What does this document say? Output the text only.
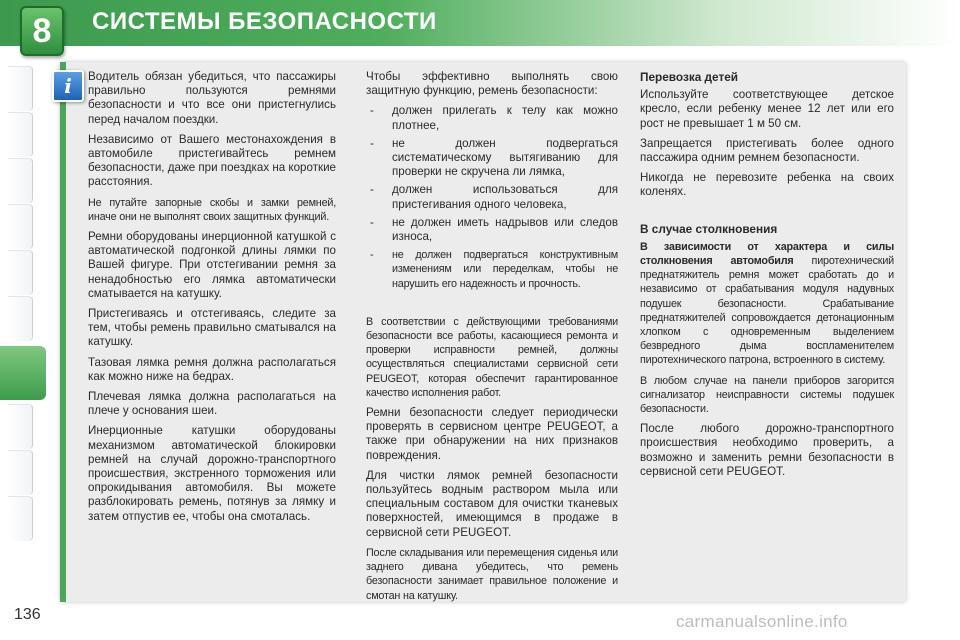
8	СИСТЕМЫ БЕЗОПАСНОСТИ
i	Водитель обязан убедиться, что пассажиры правильно пользуются ремнями безопасности и что все они пристегнулись перед началом поездки.

Независимо от Вашего местонахождения в автомобиле пристегивайтесь ремнем безопасности, даже при поездках на короткие расстояния.

Не путайте запорные скобы и замки ремней, иначе они не выполнят своих защитных функций.

Ремни оборудованы инерционной катушкой с автоматической подгонкой длины лямки по Вашей фигуре. При отстегивании ремня за ненадобностью его лямка автоматически сматывается на катушку.

Пристегиваясь и отстегиваясь, следите за тем, чтобы ремень правильно сматывался на катушку.

Тазовая лямка ремня должна располагаться как можно ниже на бедрах.

Плечевая лямка должна располагаться на плече у основания шеи.

Инерционные катушки оборудованы механизмом автоматической блокировки ремней на случай дорожно-транспортного происшествия, экстренного торможения или опрокидывания автомобиля. Вы можете разблокировать ремень, потянув за лямку и затем отпустив ее, чтобы она смоталась.

Чтобы эффективно выполнять свою защитную функцию, ремень безопасности:

- должен прилегать к телу как можно плотнее,
- не должен подвергаться систематическому вытягиванию для проверки не скручена ли лямка,
- должен использоваться для пристегивания одного человека,
- не должен иметь надрывов или следов износа,
- не должен подвергаться конструктивным изменениям или переделкам, чтобы не нарушить его надежность и прочность.

В соответствии с действующими требованиями безопасности все работы, касающиеся ремонта и проверки исправности ремней, должны осуществляться специалистами сервисной сети PEUGEOT, которая обеспечит гарантированное качество исполнения работ.

Ремни безопасности следует периодически проверять в сервисном центре PEUGEOT, а также при обнаружении на них признаков повреждения.

Для чистки лямок ремней безопасности пользуйтесь водным раствором мыла или специальным составом для очистки тканевых поверхностей, имеющимся в продаже в сервисной сети PEUGEOT.

После складывания или перемещения сиденья или заднего дивана убедитесь, что ремень безопасности занимает правильное положение и смотан на катушку.

Перевозка детей

Используйте соответствующее детское кресло, если ребенку менее 12 лет или его рост не превышает 1 м 50 см.

Запрещается пристегивать более одного пассажира одним ремнем безопасности.

Никогда не перевозите ребенка на своих коленях.

В случае столкновения

В зависимости от характера и силы столкновения автомобиля пиротехнический преднатяжитель ремня может сработать до и независимо от срабатывания модуля надувных подушек безопасности. Срабатывание преднатяжителей сопровождается детонационным хлопком с одновременным выделением безвредного дыма воспламенителем пиротехнического патрона, встроенного в систему.

В любом случае на панели приборов загорится сигнализатор неисправности системы подушек безопасности.

После любого дорожно-транспортного происшествия необходимо проверить, а возможно и заменить ремни безопасности в сервисной сети PEUGEOT.

136	carmanualsonline.info
